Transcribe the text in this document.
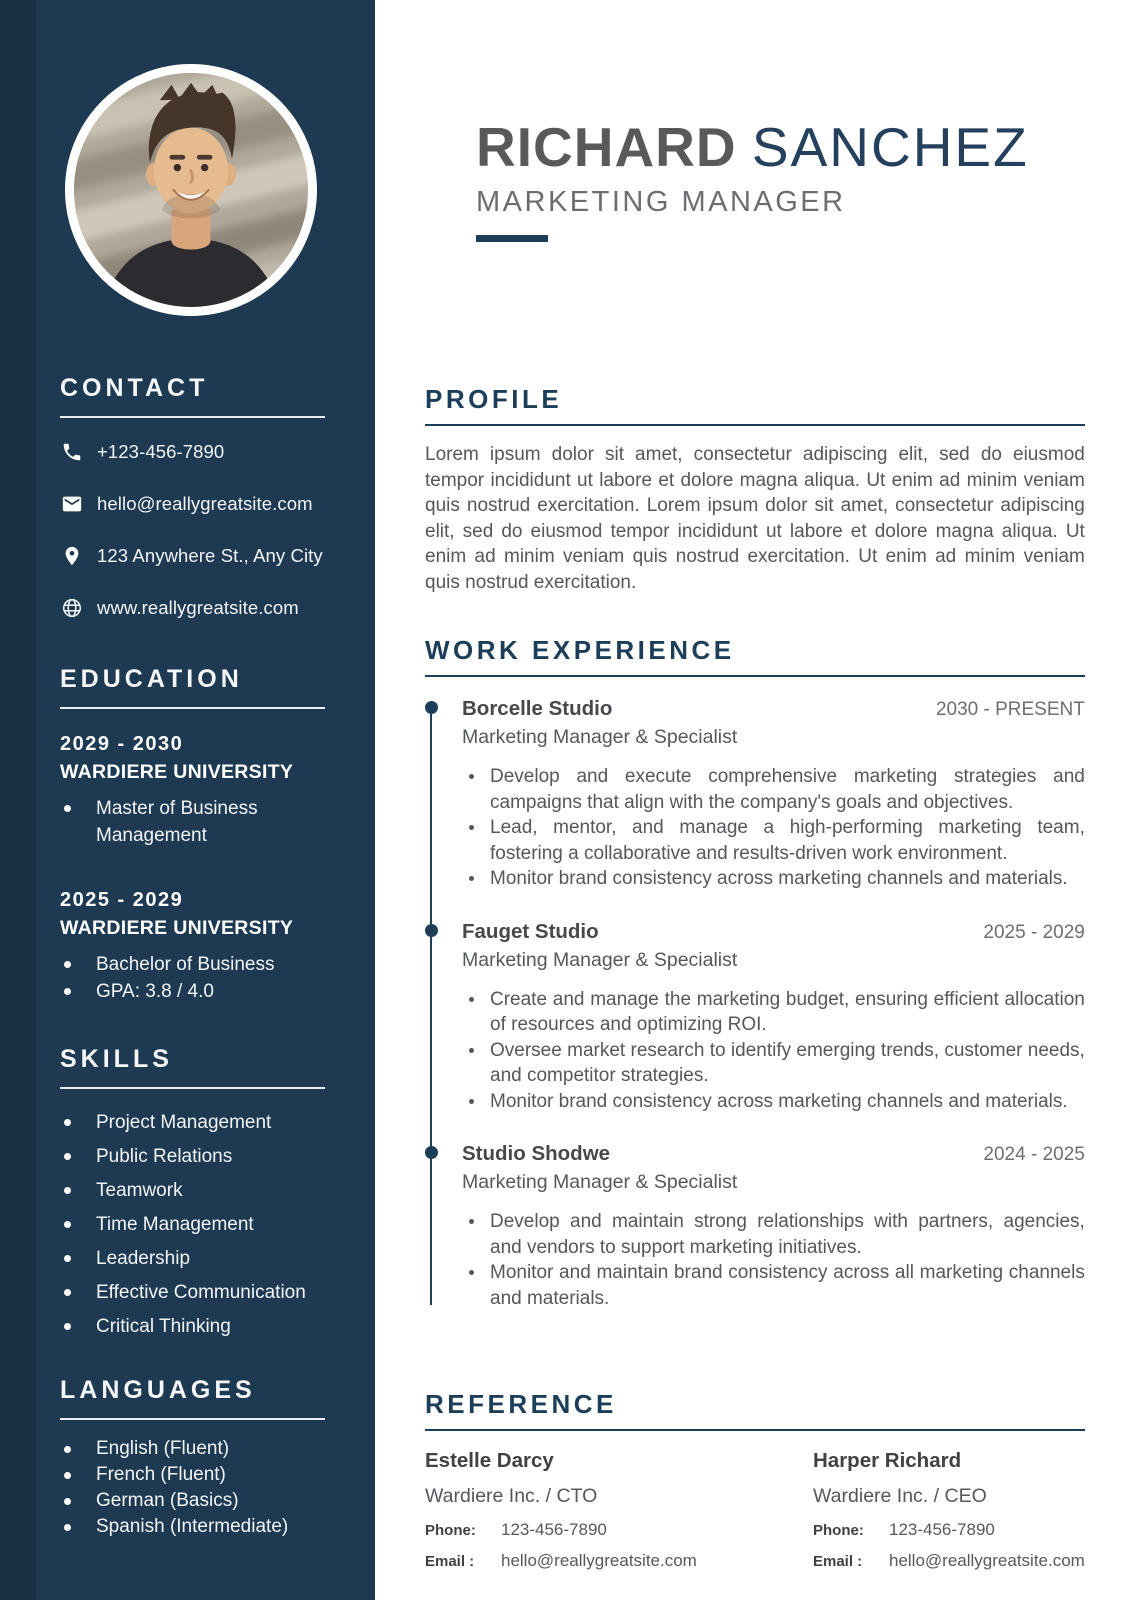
CONTACT
+123-456-7890
hello@reallygreatsite.com
123 Anywhere St., Any City
www.reallygreatsite.com
EDUCATION
2029 - 2030
WARDIERE UNIVERSITY
Master of Business Management
2025 - 2029
WARDIERE UNIVERSITY
Bachelor of Business
GPA: 3.8 / 4.0
SKILLS
Project Management
Public Relations
Teamwork
Time Management
Leadership
Effective Communication
Critical Thinking
LANGUAGES
English (Fluent)
French (Fluent)
German (Basics)
Spanish (Intermediate)
RICHARD SANCHEZ
MARKETING MANAGER
PROFILE

Lorem ipsum dolor sit amet, consectetur adipiscing elit, sed do eiusmod tempor incididunt ut labore et dolore magna aliqua. Ut enim ad minim veniam quis nostrud exercitation. Lorem ipsum dolor sit amet, consectetur adipiscing elit, sed do eiusmod tempor incididunt ut labore et dolore magna aliqua. Ut enim ad minim veniam quis nostrud exercitation. Ut enim ad minim veniam quis nostrud exercitation.

WORK EXPERIENCE
Borcelle Studio	2030 - PRESENT
Marketing Manager & Specialist
Develop and execute comprehensive marketing strategies and campaigns that align with the company's goals and objectives.
Lead, mentor, and manage a high-performing marketing team, fostering a collaborative and results-driven work environment.
Monitor brand consistency across marketing channels and materials.
Fauget Studio	2025 - 2029
Marketing Manager & Specialist
Create and manage the marketing budget, ensuring efficient allocation of resources and optimizing ROI.
Oversee market research to identify emerging trends, customer needs, and competitor strategies.
Monitor brand consistency across marketing channels and materials.
Studio Shodwe	2024 - 2025
Marketing Manager & Specialist
Develop and maintain strong relationships with partners, agencies, and vendors to support marketing initiatives.
Monitor and maintain brand consistency across all marketing channels and materials.
REFERENCE
Estelle Darcy
Wardiere Inc. / CTO
Phone:	123-456-7890
Email :	hello@reallygreatsite.com
Harper Richard
Wardiere Inc. / CEO
Phone:	123-456-7890
Email :	hello@reallygreatsite.com
